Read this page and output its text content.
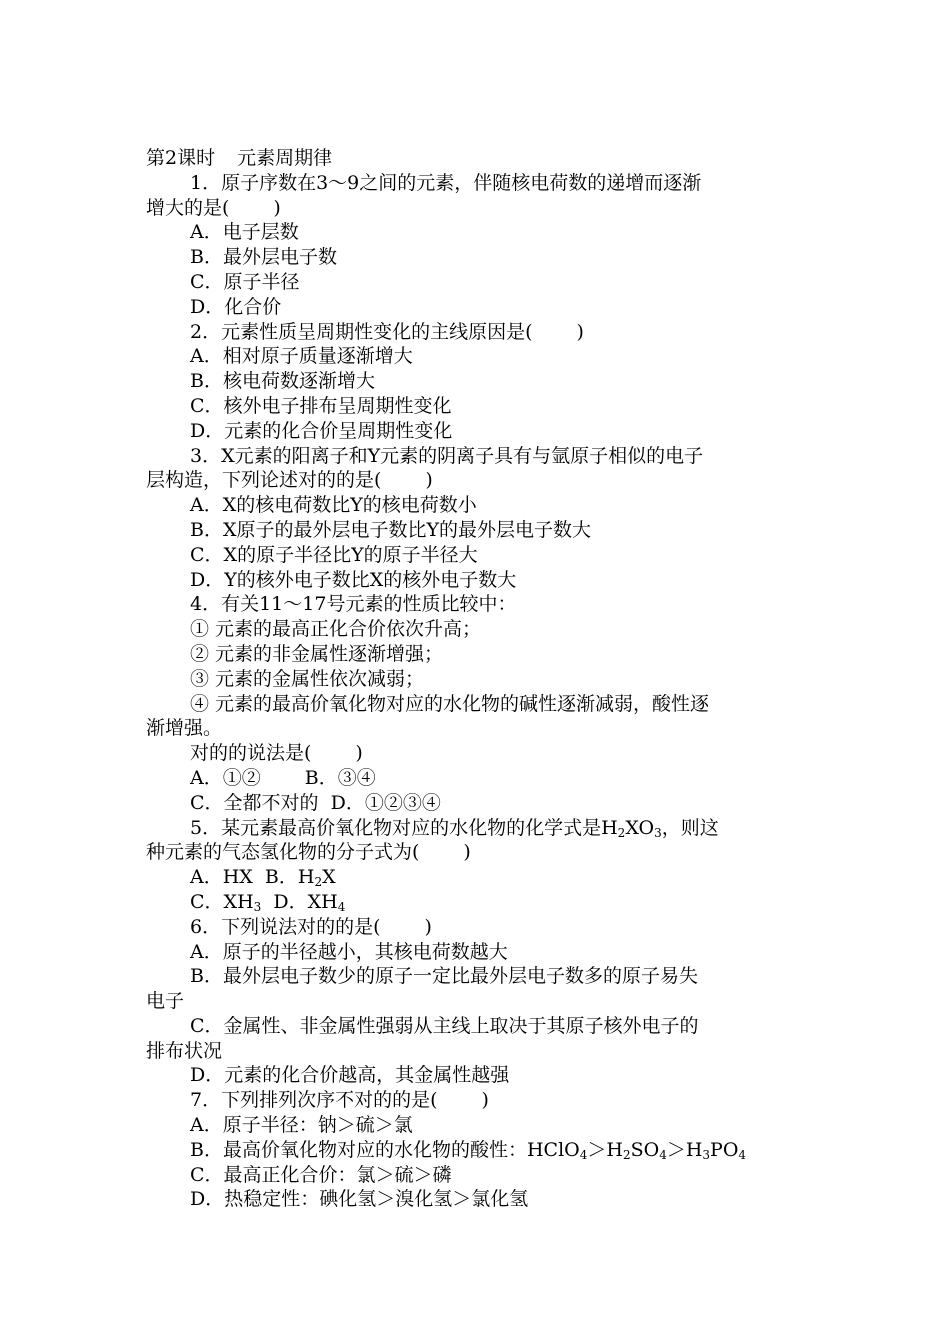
第2课时 元素周期律

1．原子序数在3～9之间的元素，伴随核电荷数的递增而逐渐

增大的是( )

A．电子层数

B．最外层电子数

C．原子半径

D．化合价

2．元素性质呈周期性变化的主线原因是( )

A．相对原子质量逐渐增大

B．核电荷数逐渐增大

C．核外电子排布呈周期性变化

D．元素的化合价呈周期性变化

3．X元素的阳离子和Y元素的阴离子具有与氩原子相似的电子

层构造，下列论述对的的是( )

A．X的核电荷数比Y的核电荷数小

B．X原子的最外层电子数比Y的最外层电子数大

C．X的原子半径比Y的原子半径大

D．Y的核外电子数比X的核外电子数大

4．有关11～17号元素的性质比较中：

① 元素的最高正化合价依次升高；

② 元素的非金属性逐渐增强；

③ 元素的金属性依次减弱；

④ 元素的最高价氧化物对应的水化物的碱性逐渐减弱，酸性逐

渐增强。

对的的说法是( )

A．①② B．③④

C．全都不对的 D．①②③④

5．某元素最高价氧化物对应的水化物的化学式是$H_2XO_3$，则这

种元素的气态氢化物的分子式为( )

A．HX B．$H_2X$

C．$XH_3$ D．$XH_4$

6．下列说法对的的是( )

A．原子的半径越小，其核电荷数越大

B．最外层电子数少的原子一定比最外层电子数多的原子易失

电子

C．金属性、非金属性强弱从主线上取决于其原子核外电子的

排布状况

D．元素的化合价越高，其金属性越强

7．下列排列次序不对的的是( )

A．原子半径：钠＞硫＞氯

B．最高价氧化物对应的水化物的酸性：$HClO_4>H_2SO_4>H_3PO_4$

C．最高正化合价：氯＞硫＞磷

D．热稳定性：碘化氢＞溴化氢＞氯化氢
